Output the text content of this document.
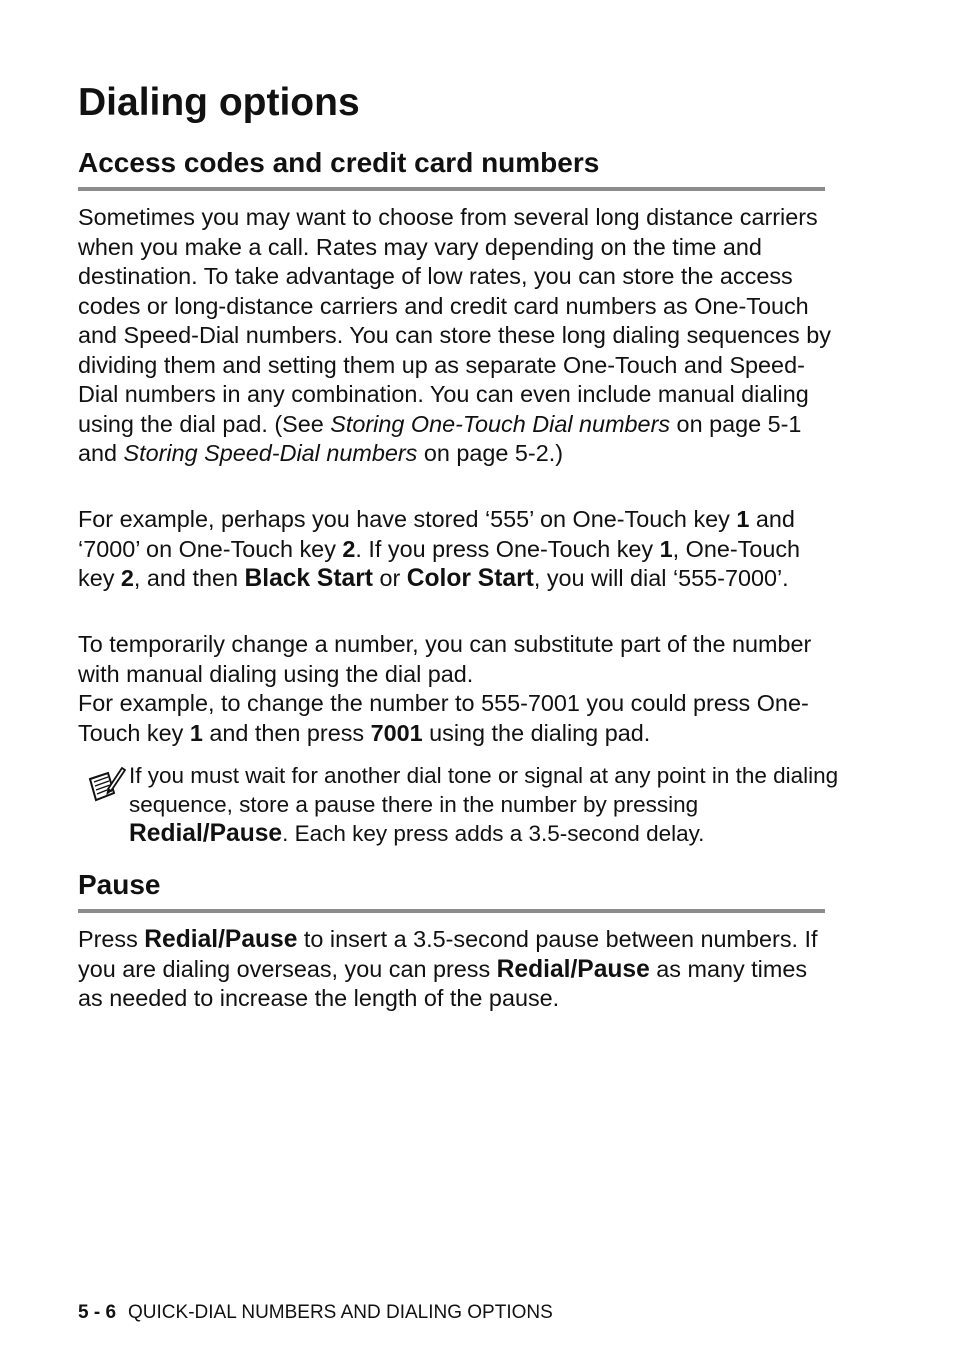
Dialing options
Access codes and credit card numbers

Sometimes you may want to choose from several long distance carriers when you make a call. Rates may vary depending on the time and destination. To take advantage of low rates, you can store the access codes or long-distance carriers and credit card numbers as One-Touch and Speed-Dial numbers. You can store these long dialing sequences by dividing them and setting them up as separate One-Touch and Speed-Dial numbers in any combination. You can even include manual dialing using the dial pad. (See Storing One-Touch Dial numbers on page 5-1 and Storing Speed-Dial numbers on page 5-2.)

For example, perhaps you have stored ‘555’ on One-Touch key 1 and ‘7000’ on One-Touch key 2. If you press One-Touch key 1, One-Touch key 2, and then Black Start or Color Start, you will dial ‘555-7000’.

To temporarily change a number, you can substitute part of the number with manual dialing using the dial pad.
For example, to change the number to 555-7001 you could press One-Touch key 1 and then press 7001 using the dialing pad.

If you must wait for another dial tone or signal at any point in the dialing sequence, store a pause there in the number by pressing Redial/Pause. Each key press adds a 3.5-second delay.

Pause

Press Redial/Pause to insert a 3.5-second pause between numbers. If you are dialing overseas, you can press Redial/Pause as many times as needed to increase the length of the pause.

5 - 6 QUICK-DIAL NUMBERS AND DIALING OPTIONS
